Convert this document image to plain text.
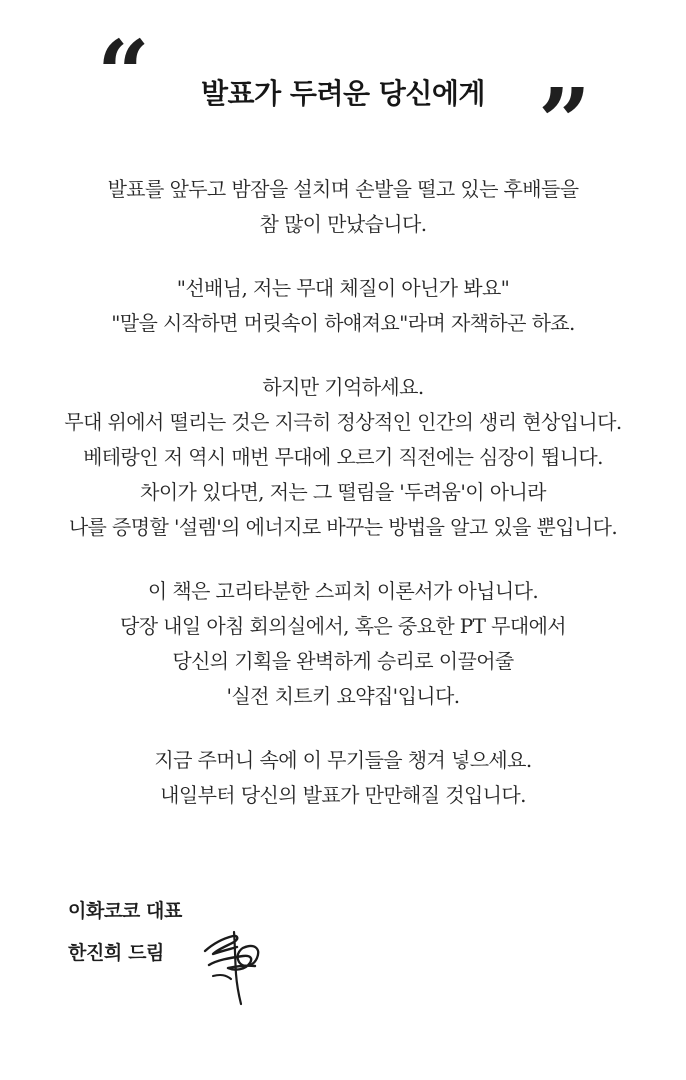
“	발표가 두려운 당신에게 ”
발표를 앞두고 밤잠을 설치며 손발을 떨고 있는 후배들을
참 많이 만났습니다.
"선배님, 저는 무대 체질이 아닌가 봐요"
"말을 시작하면 머릿속이 하얘져요"라며 자책하곤 하죠.
하지만 기억하세요.
무대 위에서 떨리는 것은 지극히 정상적인 인간의 생리 현상입니다.
베테랑인 저 역시 매번 무대에 오르기 직전에는 심장이 뜁니다.
차이가 있다면, 저는 그 떨림을 '두려움'이 아니라
나를 증명할 '설렘'의 에너지로 바꾸는 방법을 알고 있을 뿐입니다.
이 책은 고리타분한 스피치 이론서가 아닙니다.
당장 내일 아침 회의실에서, 혹은 중요한 PT 무대에서
당신의 기획을 완벽하게 승리로 이끌어줄
'실전 치트키 요약집'입니다.
지금 주머니 속에 이 무기들을 챙겨 넣으세요.
내일부터 당신의 발표가 만만해질 것입니다.
이화코코 대표
한진희 드림
